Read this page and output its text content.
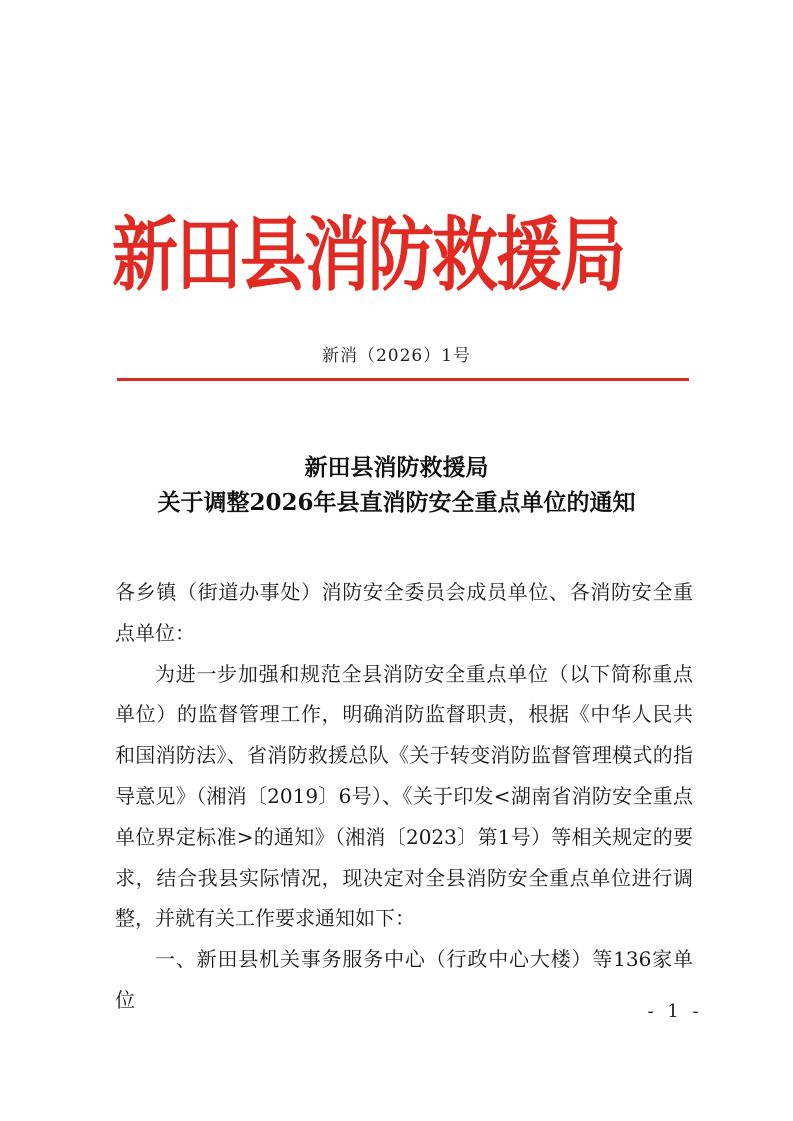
新田县消防救援局
新消（2026）1号
新田县消防救援局
关于调整2026年县直消防安全重点单位的通知

各乡镇（街道办事处）消防安全委员会成员单位、各消防安全重点单位：

为进一步加强和规范全县消防安全重点单位（以下简称重点单位）的监督管理工作，明确消防监督职责，根据《中华人民共和国消防法》、省消防救援总队《关于转变消防监督管理模式的指导意见》（湘消〔2019〕6号）、《关于印发<湖南省消防安全重点单位界定标准>的通知》（湘消〔2023〕第1号）等相关规定的要求，结合我县实际情况，现决定对全县消防安全重点单位进行调整，并就有关工作要求通知如下：

一、新田县机关事务服务中心（行政中心大楼）等136家单位	- 1 -
